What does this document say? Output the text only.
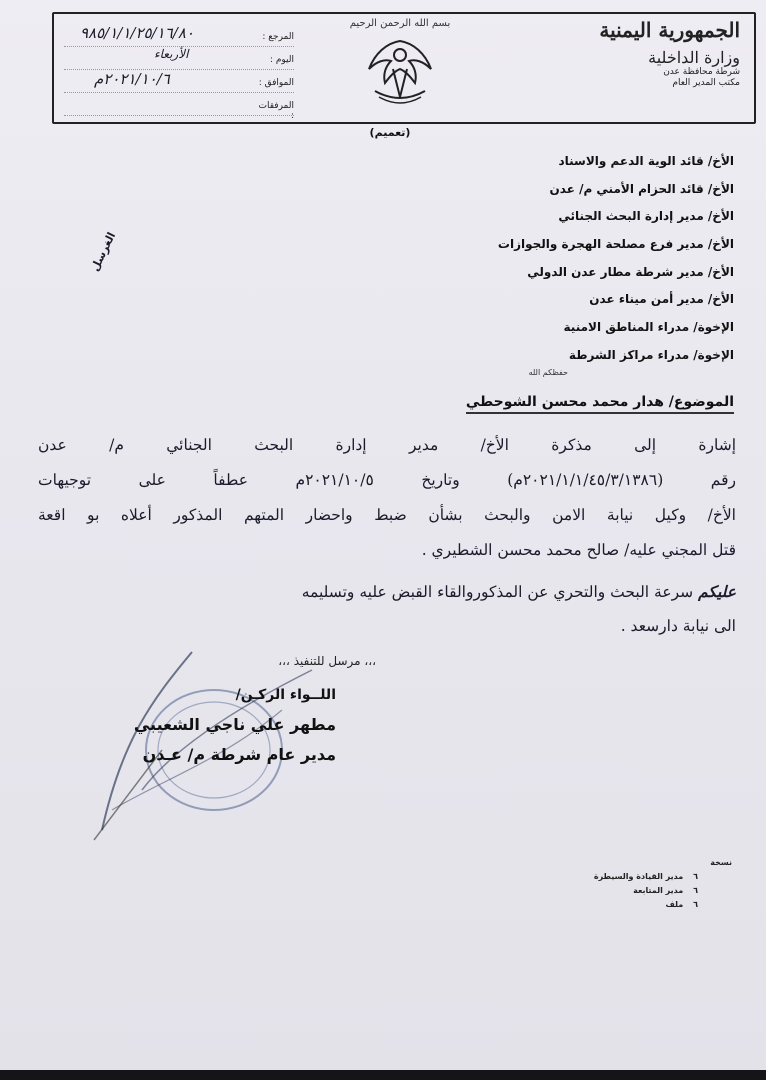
الجمهورية اليمنية
وزارة الداخلية
شرطة محافظة عدن
مكتب المدير العام
بسم الله الرحمن الرحيم
المرجع :
٩٨٥/١/١/٢٥/١٦/٨٠
اليوم :
الأربعاء
الموافق :
٢٠٢١/١٠/٦م
المرفقات :
(تعميم)
الأخ/ قائد الوية الدعم والاسناد
الأخ/ قائد الحزام الأمني م/ عدن
الأخ/ مدير إدارة البحث الجنائي
الأخ/ مدير فرع مصلحة الهجرة والجوازات
الأخ/ مدير شرطة مطار عدن الدولي
الأخ/ مدير أمن ميناء عدن
الإخوة/ مدراء المناطق الامنية
الإخوة/ مدراء مراكز الشرطة
حفظكم الله
الموضوع/ هدار محمد محسن الشوحطي
إشارة إلى مذكرة الأخ/ مدير إدارة البحث الجنائي م/ عدن
رقم (٢٠٢١/١/١/٤٥/٣/١٣٨٦م) وتاريخ ٢٠٢١/١٠/٥م عطفاً على توجيهات
الأخ/ وكيل نيابة الامن والبحث بشأن ضبط واحضار المتهم المذكور أعلاه بو اقعة
قتل المجني عليه/ صالح محمد محسن الشطيري .
عليكم سرعة البحث والتحري عن المذكوروالقاء القبض عليه وتسليمه
الى نيابة دارسعد .
،،، مرسل للتنفيذ ،،،
اللــواء الركـن/
مطهر علي ناجي الشعيبي
مدير عام شرطة م/ عـدن
الغرسل
نسخة
٦ مدير القيادة والسيطرة
٦ مدير المتابعة
٦ ملف
